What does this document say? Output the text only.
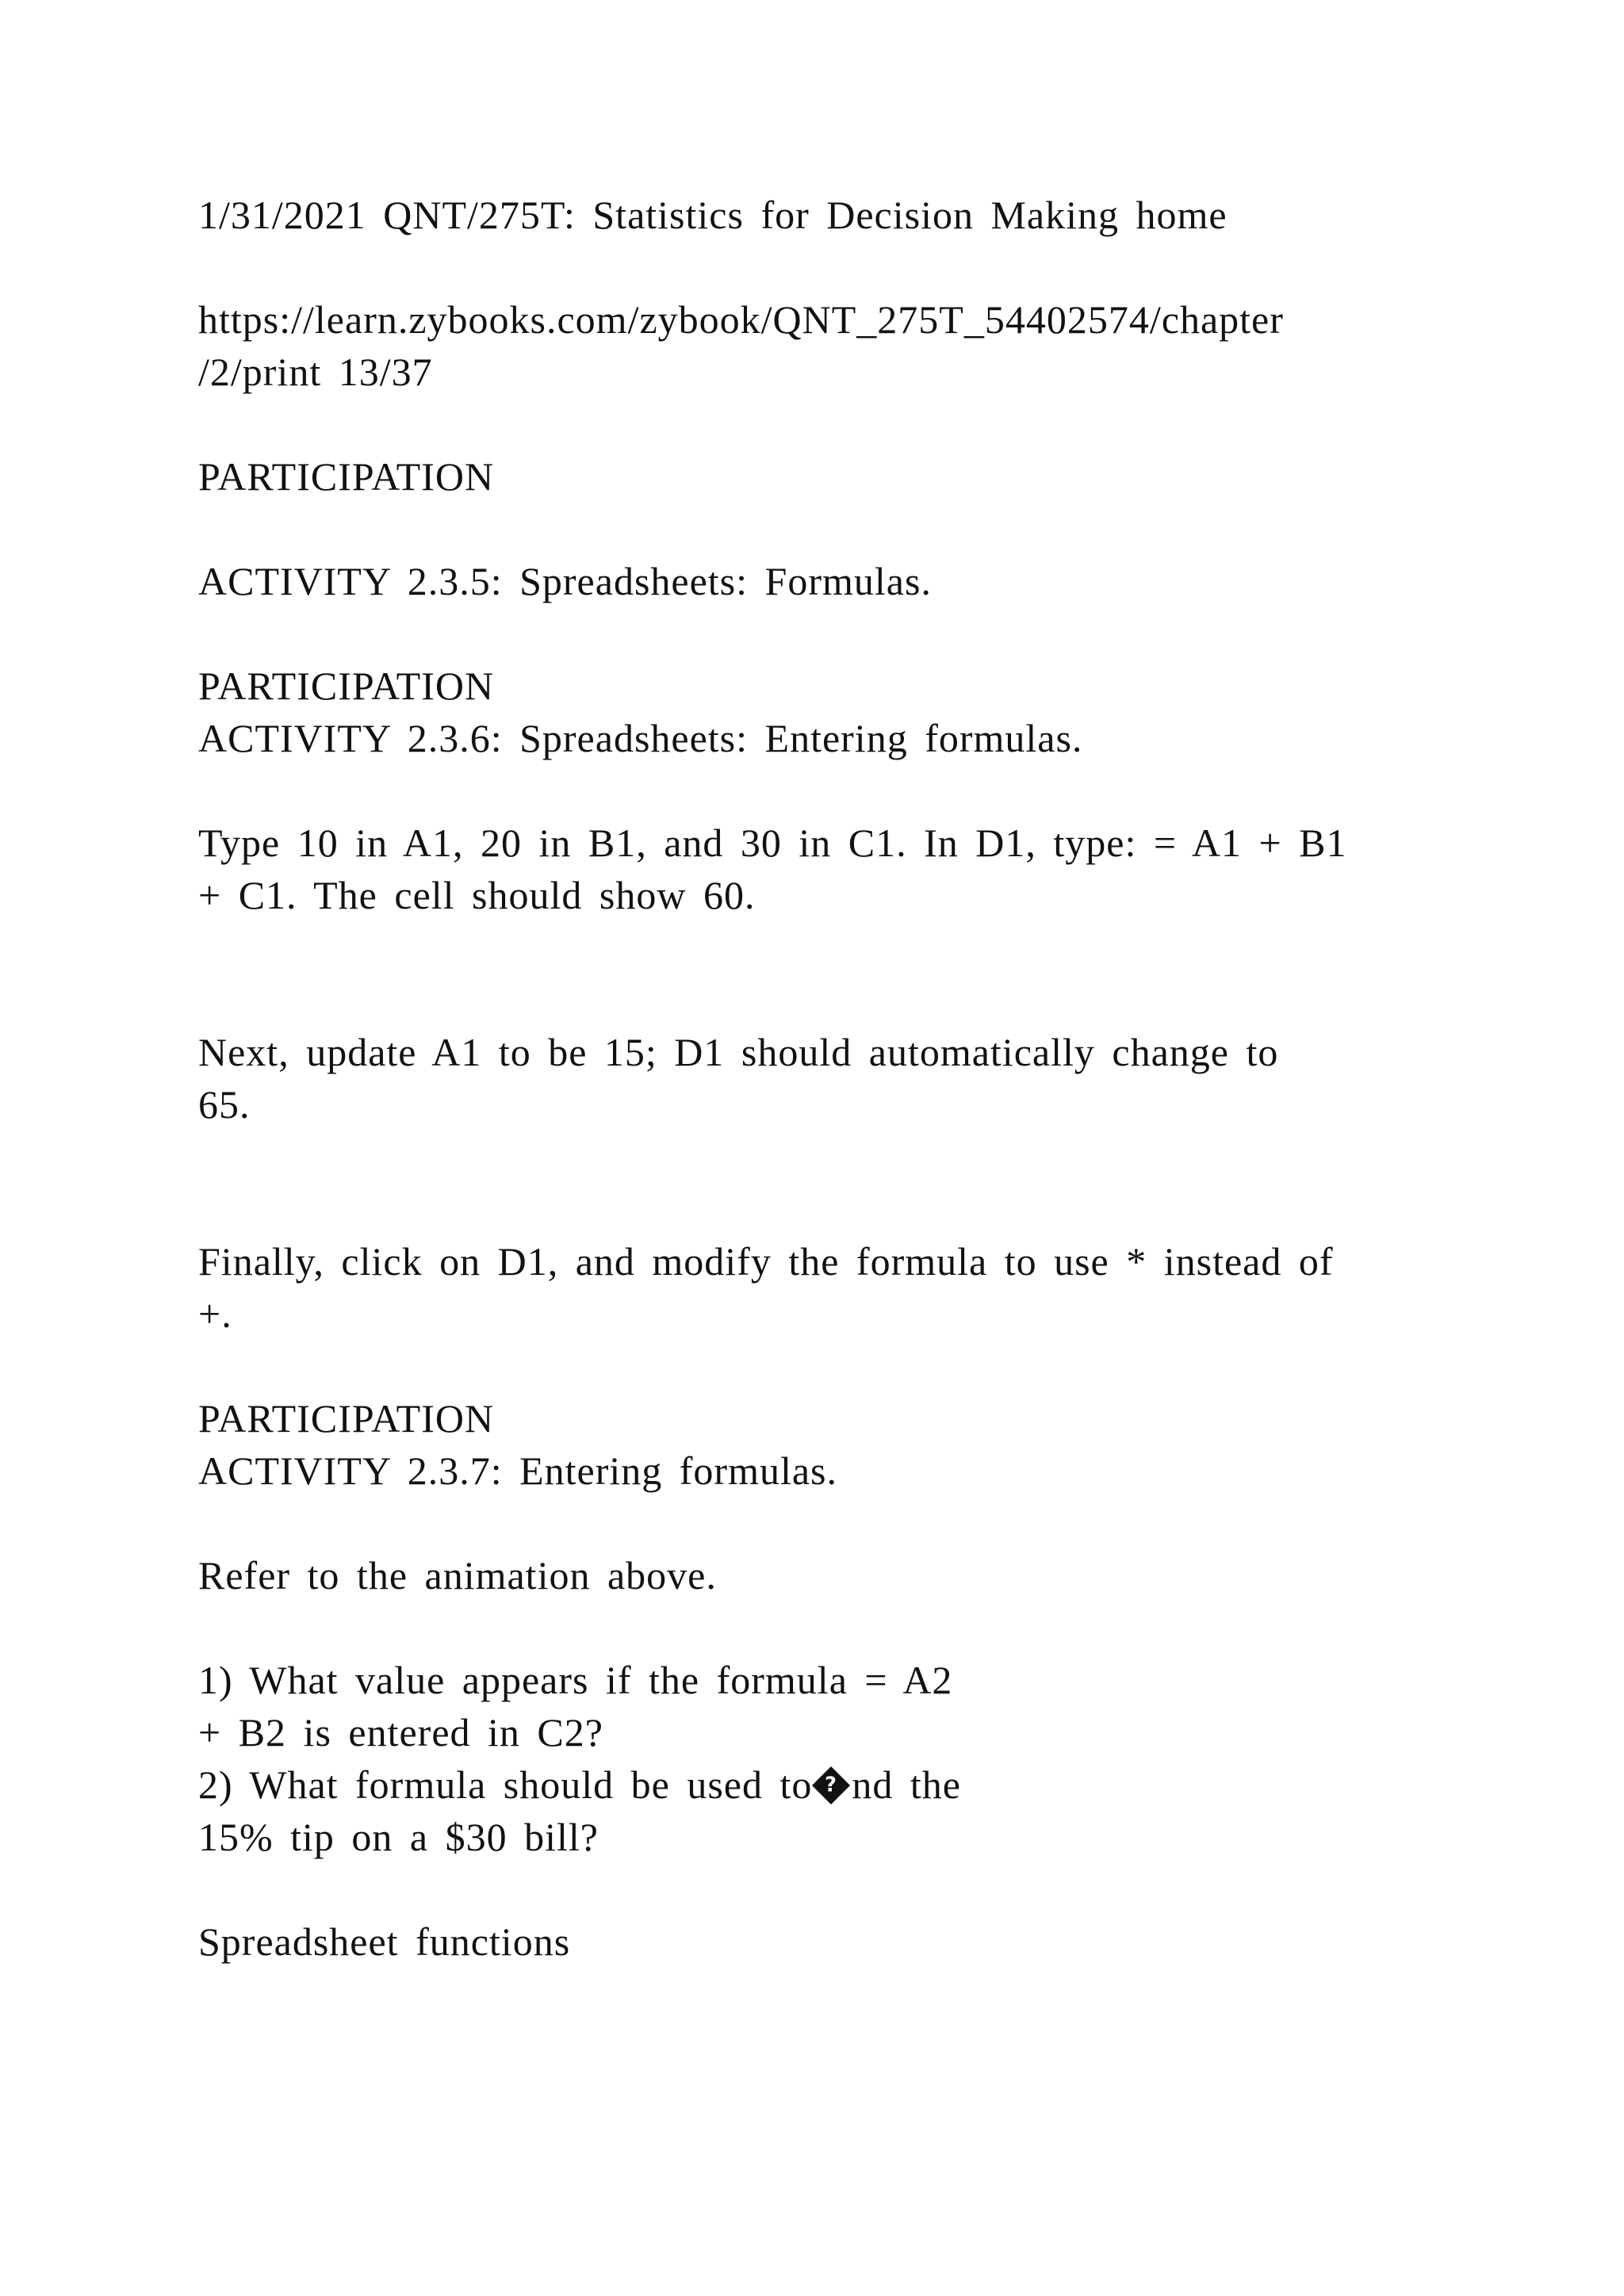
1/31/2021 QNT/275T: Statistics for Decision Making home
https://learn.zybooks.com/zybook/QNT_275T_54402574/chapter
/2/print 13/37
PARTICIPATION
ACTIVITY 2.3.5: Spreadsheets: Formulas.
PARTICIPATION
ACTIVITY 2.3.6: Spreadsheets: Entering formulas.
Type 10 in A1, 20 in B1, and 30 in C1. In D1, type: = A1 + B1
+ C1. The cell should show 60.
Next, update A1 to be 15; D1 should automatically change to
65.
Finally, click on D1, and modify the formula to use * instead of
+.
PARTICIPATION
ACTIVITY 2.3.7: Entering formulas.
Refer to the animation above.
1) What value appears if the formula = A2
+ B2 is entered in C2?
2) What formula should be used to ? nd the
15% tip on a $30 bill?
Spreadsheet functions
